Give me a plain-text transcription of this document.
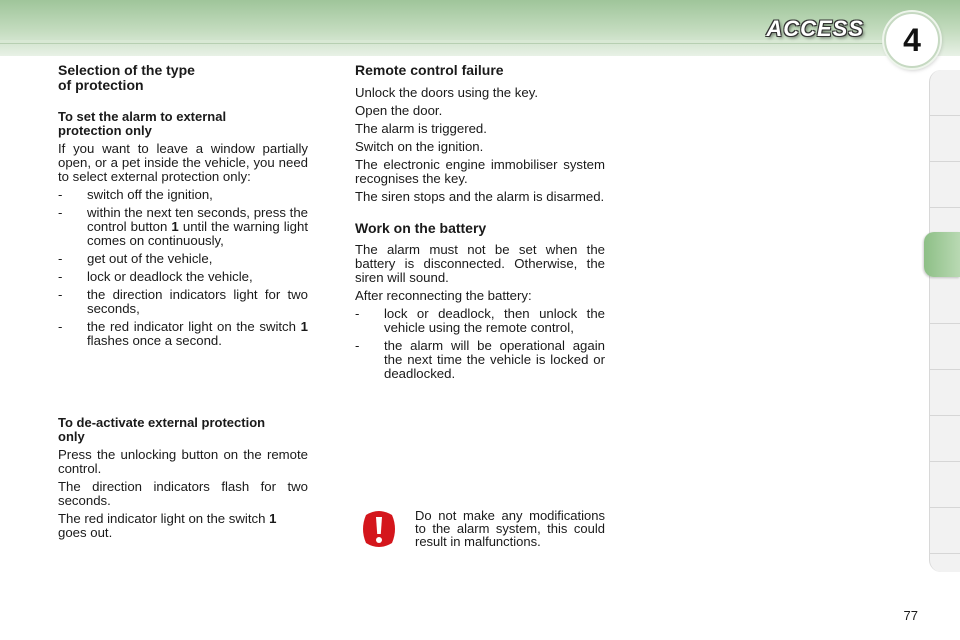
ACCESS 4
Selection of the type
of protection
To set the alarm to external
protection only

If you want to leave a window partially open, or a pet inside the vehicle, you need to select external protection only:

- switch off the ignition,
- within the next ten seconds, press the control button 1 until the warning light comes on continuously,
- get out of the vehicle,
- lock or deadlock the vehicle,
- the direction indicators light for two seconds,
- the red indicator light on the switch 1 flashes once a second.
To de-activate external protection
only

Press the unlocking button on the remote control.

The direction indicators flash for two seconds.

The red indicator light on the switch 1
goes out.

Remote control failure

Unlock the doors using the key.

Open the door.

The alarm is triggered.

Switch on the ignition.

The electronic engine immobiliser system recognises the key.

The siren stops and the alarm is disarmed.

Work on the battery

The alarm must not be set when the battery is disconnected. Otherwise, the siren will sound.

After reconnecting the battery:

- lock or deadlock, then unlock the vehicle using the remote control,
- the alarm will be operational again the next time the vehicle is locked or deadlocked.
Do not make any modifications to the alarm system, this could result in malfunctions.
77
